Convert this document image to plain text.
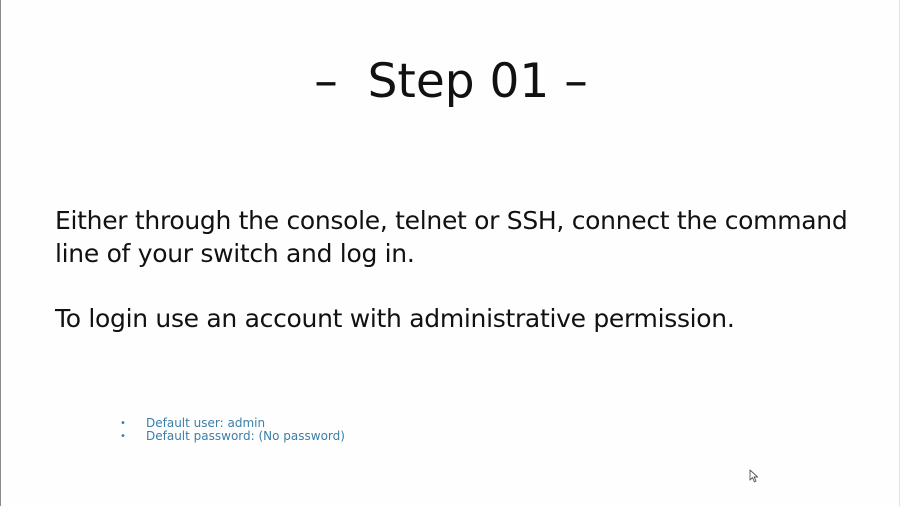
– Step 01 –

Either through the console, telnet or SSH, connect the command line of your switch and log in.

To login use an account with administrative permission.

•	Default user: admin
•	Default password: (No password)
